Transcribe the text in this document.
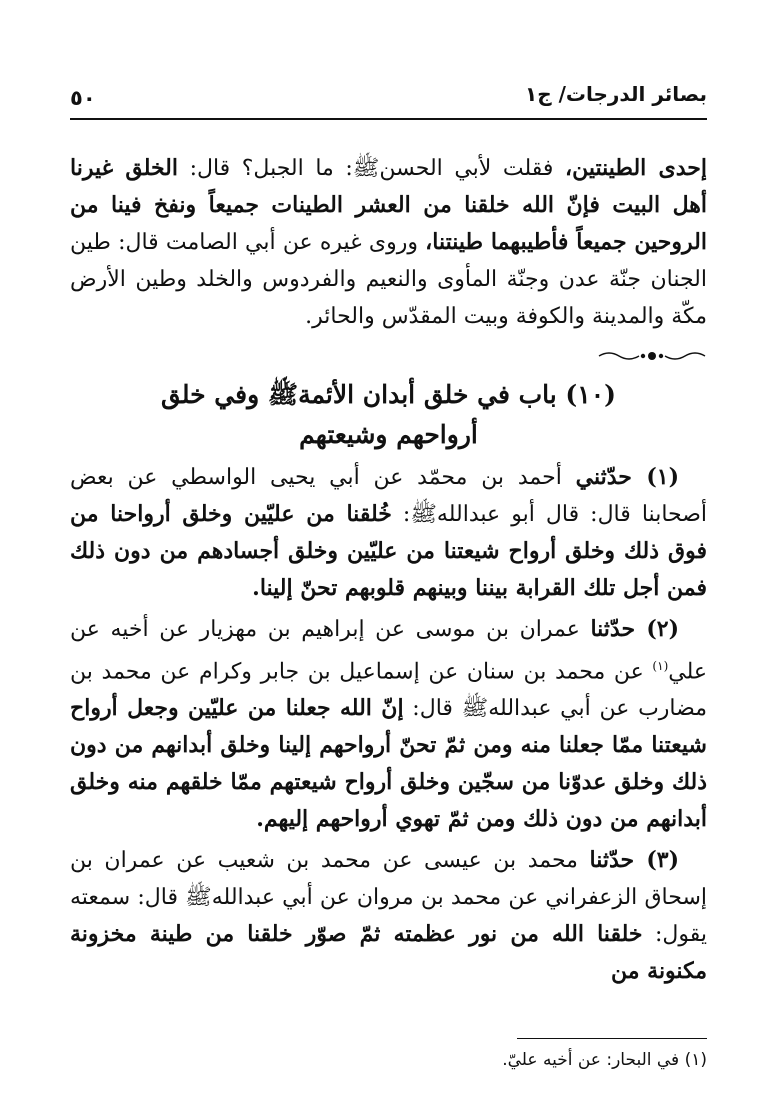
بصائر الدرجات/ ج١
٥٠

إحدى الطينتين، فقلت لأبي الحسنﷺ: ما الجبل؟ قال: الخلق غيرنا أهل البيت فإنّ الله خلقنا من العشر الطينات جميعاً ونفخ فينا من الروحين جميعاً فأطيبهما طينتنا، وروى غيره عن أبي الصامت قال: طين الجنان جنّة عدن وجنّة المأوى والنعيم والفردوس والخلد وطين الأرض مكّة والمدينة والكوفة وبيت المقدّس والحائر.

(١٠) باب في خلق أبدان الأئمةﷺ وفي خلق
أرواحهم وشيعتهم

(١) حدّثني أحمد بن محمّد عن أبي يحيى الواسطي عن بعض أصحابنا قال: قال أبو عبداللهﷺ: خُلقنا من عليّين وخلق أرواحنا من فوق ذلك وخلق أرواح شيعتنا من عليّين وخلق أجسادهم من دون ذلك فمن أجل تلك القرابة بيننا وبينهم قلوبهم تحنّ إلينا.

(٢) حدّثنا عمران بن موسى عن إبراهيم بن مهزيار عن أخيه عن علي$^{(١)}$ عن محمد بن سنان عن إسماعيل بن جابر وكرام عن محمد بن مضارب عن أبي عبداللهﷺ قال: إنّ الله جعلنا من عليّين وجعل أرواح شيعتنا ممّا جعلنا منه ومن ثمّ تحنّ أرواحهم إلينا وخلق أبدانهم من دون ذلك وخلق عدوّنا من سجّين وخلق أرواح شيعتهم ممّا خلقهم منه وخلق أبدانهم من دون ذلك ومن ثمّ تهوي أرواحهم إليهم.

(٣) حدّثنا محمد بن عيسى عن محمد بن شعيب عن عمران بن إسحاق الزعفراني عن محمد بن مروان عن أبي عبداللهﷺ قال: سمعته يقول: خلقنا الله من نور عظمته ثمّ صوّر خلقنا من طينة مخزونة مكنونة من

(١) في البحار: عن أخيه عليّ.
